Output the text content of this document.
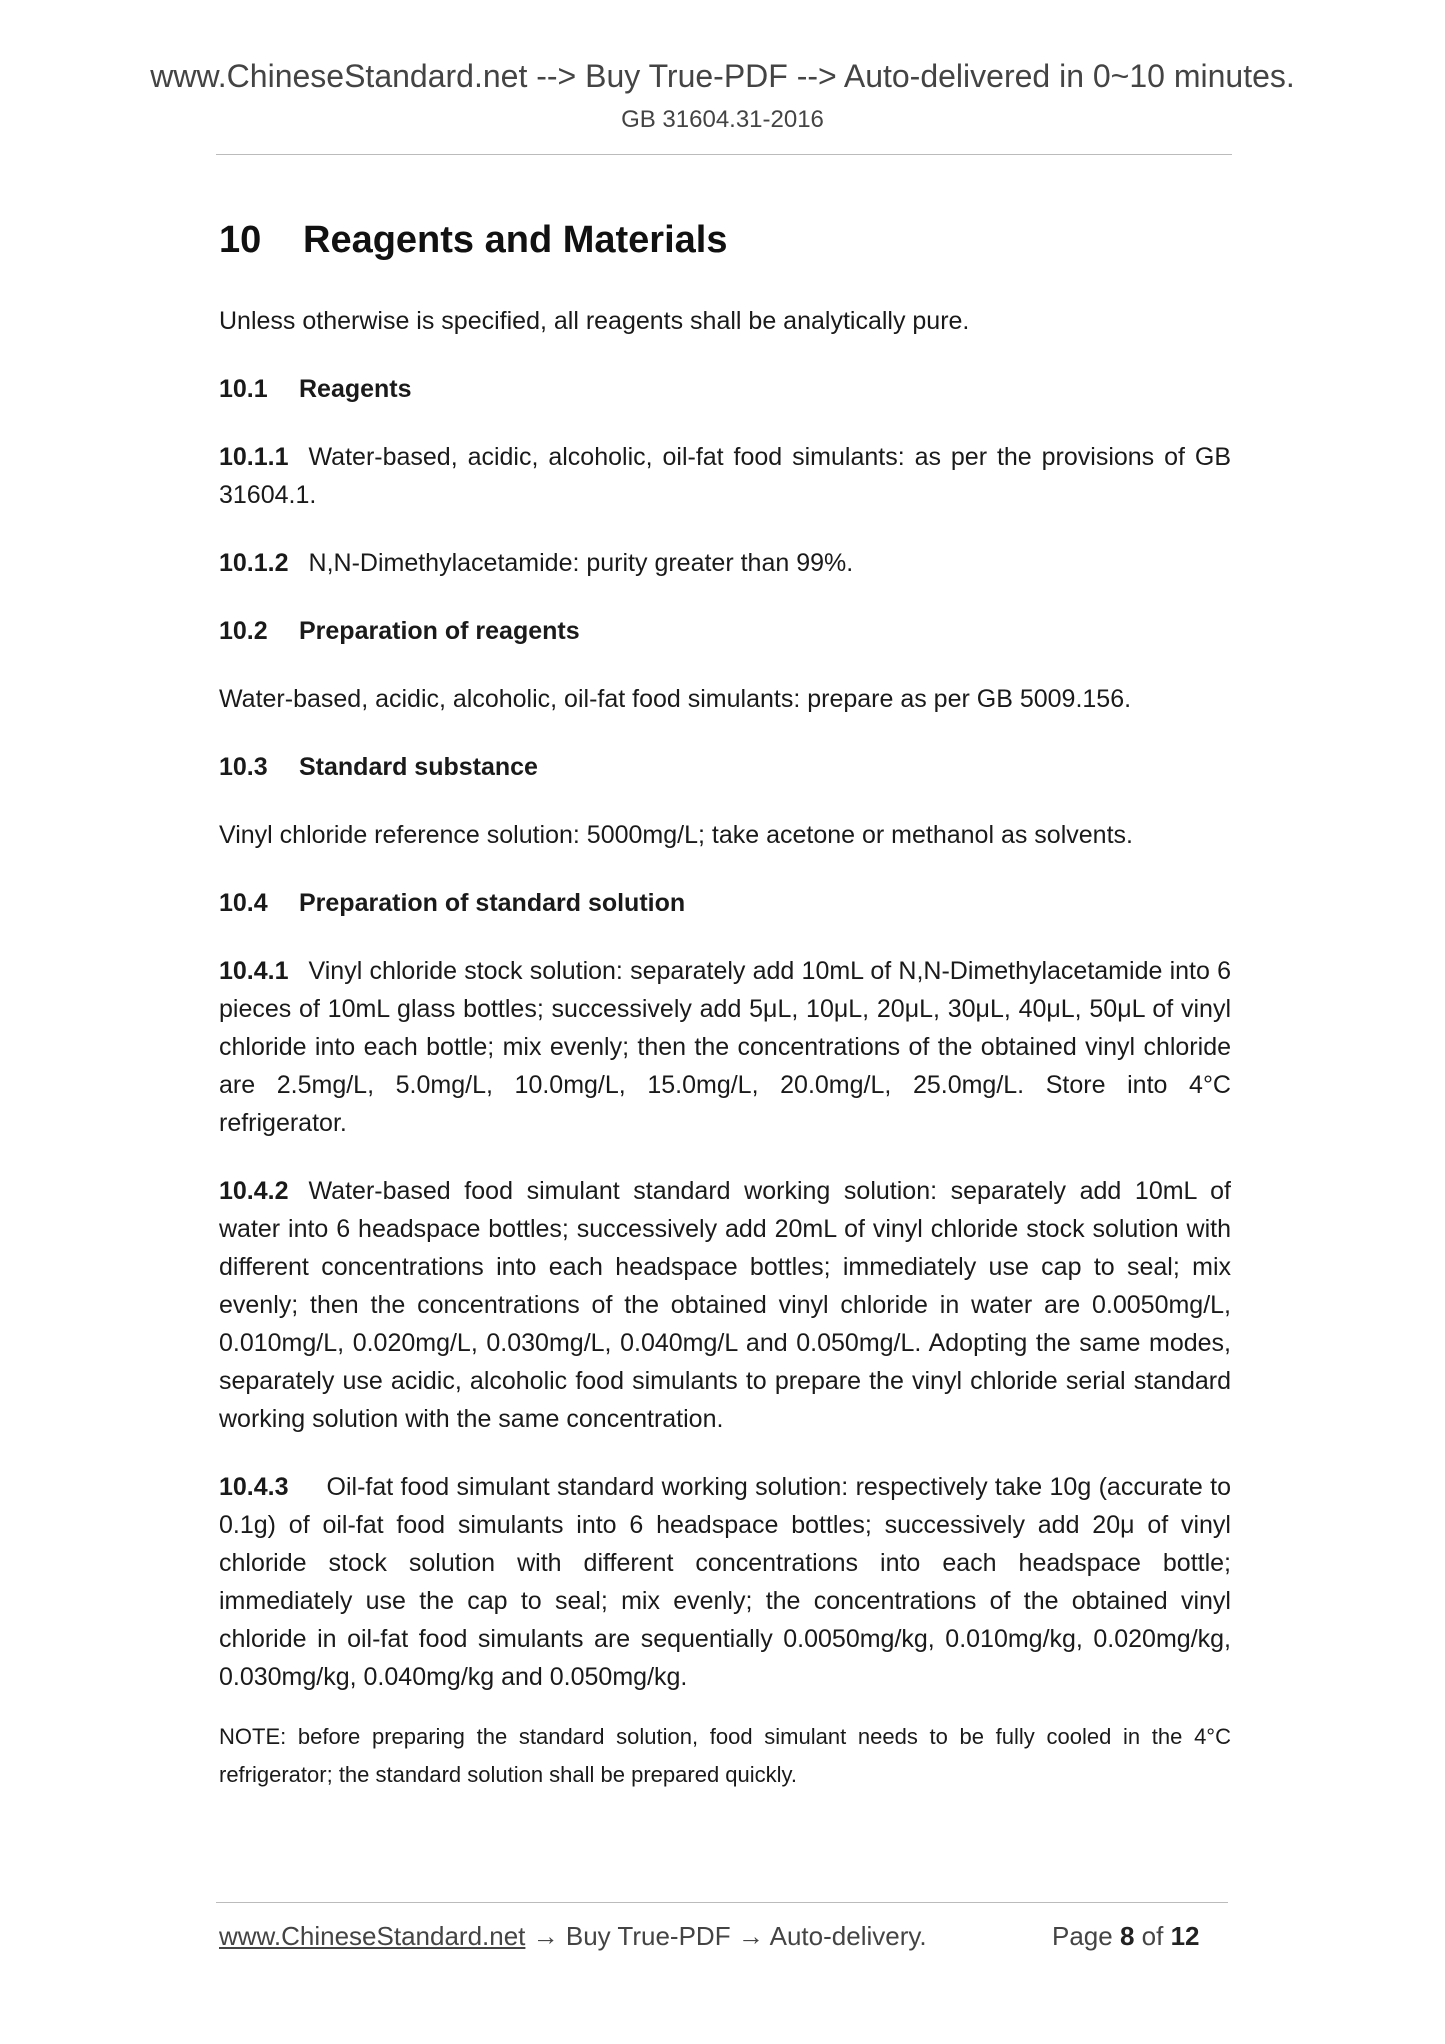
www.ChineseStandard.net --> Buy True-PDF --> Auto-delivered in 0~10 minutes.
GB 31604.31-2016
10 Reagents and Materials

Unless otherwise is specified, all reagents shall be analytically pure.

10.1 Reagents

10.1.1 Water-based, acidic, alcoholic, oil-fat food simulants: as per the provisions of GB 31604.1.

10.1.2 N,N-Dimethylacetamide: purity greater than 99%.

10.2 Preparation of reagents

Water-based, acidic, alcoholic, oil-fat food simulants: prepare as per GB 5009.156.

10.3 Standard substance

Vinyl chloride reference solution: 5000mg/L; take acetone or methanol as solvents.

10.4 Preparation of standard solution

10.4.1 Vinyl chloride stock solution: separately add 10mL of N,N-Dimethylacetamide into 6 pieces of 10mL glass bottles; successively add 5μL, 10μL, 20μL, 30μL, 40μL, 50μL of vinyl chloride into each bottle; mix evenly; then the concentrations of the obtained vinyl chloride are 2.5mg/L, 5.0mg/L, 10.0mg/L, 15.0mg/L, 20.0mg/L, 25.0mg/L. Store into 4°C refrigerator.

10.4.2 Water-based food simulant standard working solution: separately add 10mL of water into 6 headspace bottles; successively add 20mL of vinyl chloride stock solution with different concentrations into each headspace bottles; immediately use cap to seal; mix evenly; then the concentrations of the obtained vinyl chloride in water are 0.0050mg/L, 0.010mg/L, 0.020mg/L, 0.030mg/L, 0.040mg/L and 0.050mg/L. Adopting the same modes, separately use acidic, alcoholic food simulants to prepare the vinyl chloride serial standard working solution with the same concentration.

10.4.3 Oil-fat food simulant standard working solution: respectively take 10g (accurate to 0.1g) of oil-fat food simulants into 6 headspace bottles; successively add 20μ of vinyl chloride stock solution with different concentrations into each headspace bottle; immediately use the cap to seal; mix evenly; the concentrations of the obtained vinyl chloride in oil-fat food simulants are sequentially 0.0050mg/kg, 0.010mg/kg, 0.020mg/kg, 0.030mg/kg, 0.040mg/kg and 0.050mg/kg.

NOTE: before preparing the standard solution, food simulant needs to be fully cooled in the 4°C refrigerator; the standard solution shall be prepared quickly.

www.ChineseStandard.net → Buy True-PDF → Auto-delivery.	Page 8 of 12
